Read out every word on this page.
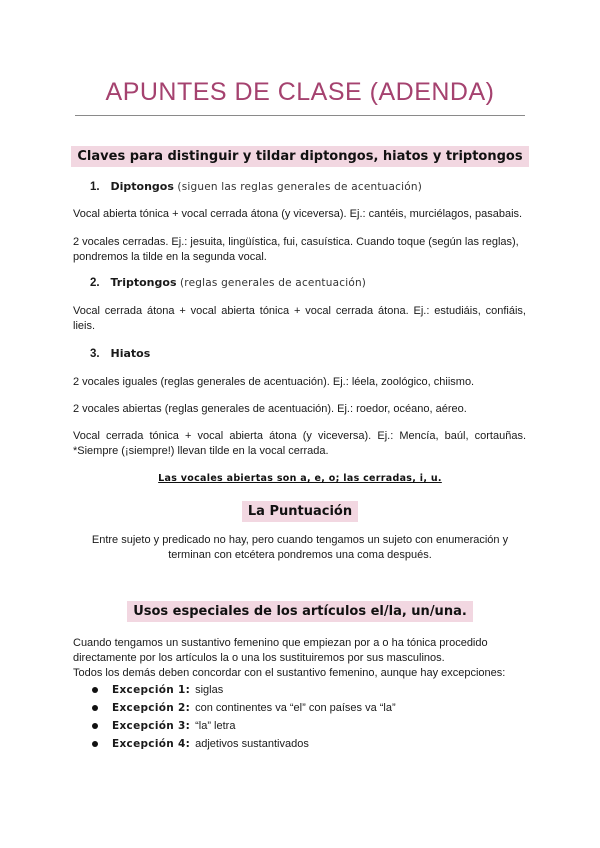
APUNTES DE CLASE (ADENDA)
Claves para distinguir y tildar diptongos, hiatos y triptongos
1. Diptongos (siguen las reglas generales de acentuación)
Vocal abierta tónica + vocal cerrada átona (y viceversa). Ej.: cantéis, murciélagos, pasabais.
2 vocales cerradas. Ej.: jesuita, lingüística, fui, casuística. Cuando toque (según las reglas), pondremos la tilde en la segunda vocal.
2. Triptongos (reglas generales de acentuación)
Vocal cerrada átona + vocal abierta tónica + vocal cerrada átona. Ej.: estudiáis, confiáis, lieis.
3. Hiatos
2 vocales iguales (reglas generales de acentuación). Ej.: léela, zoológico, chiismo.
2 vocales abiertas (reglas generales de acentuación). Ej.: roedor, océano, aéreo.
Vocal cerrada tónica + vocal abierta átona (y viceversa). Ej.: Mencía, baúl, cortauñas. *Siempre (¡siempre!) llevan tilde en la vocal cerrada.
Las vocales abiertas son a, e, o; las cerradas, i, u.
La Puntuación
Entre sujeto y predicado no hay, pero cuando tengamos un sujeto con enumeración y terminan con etcétera pondremos una coma después.
Usos especiales de los artículos el/la, un/una.
Cuando tengamos un sustantivo femenino que empiezan por a o ha tónica procedido directamente por los artículos la o una los sustituiremos por sus masculinos.
Todos los demás deben concordar con el sustantivo femenino, aunque hay excepciones:
Excepción 1: siglas
Excepción 2: con continentes va “el” con países va “la”
Excepción 3: “la” letra
Excepción 4: adjetivos sustantivados
